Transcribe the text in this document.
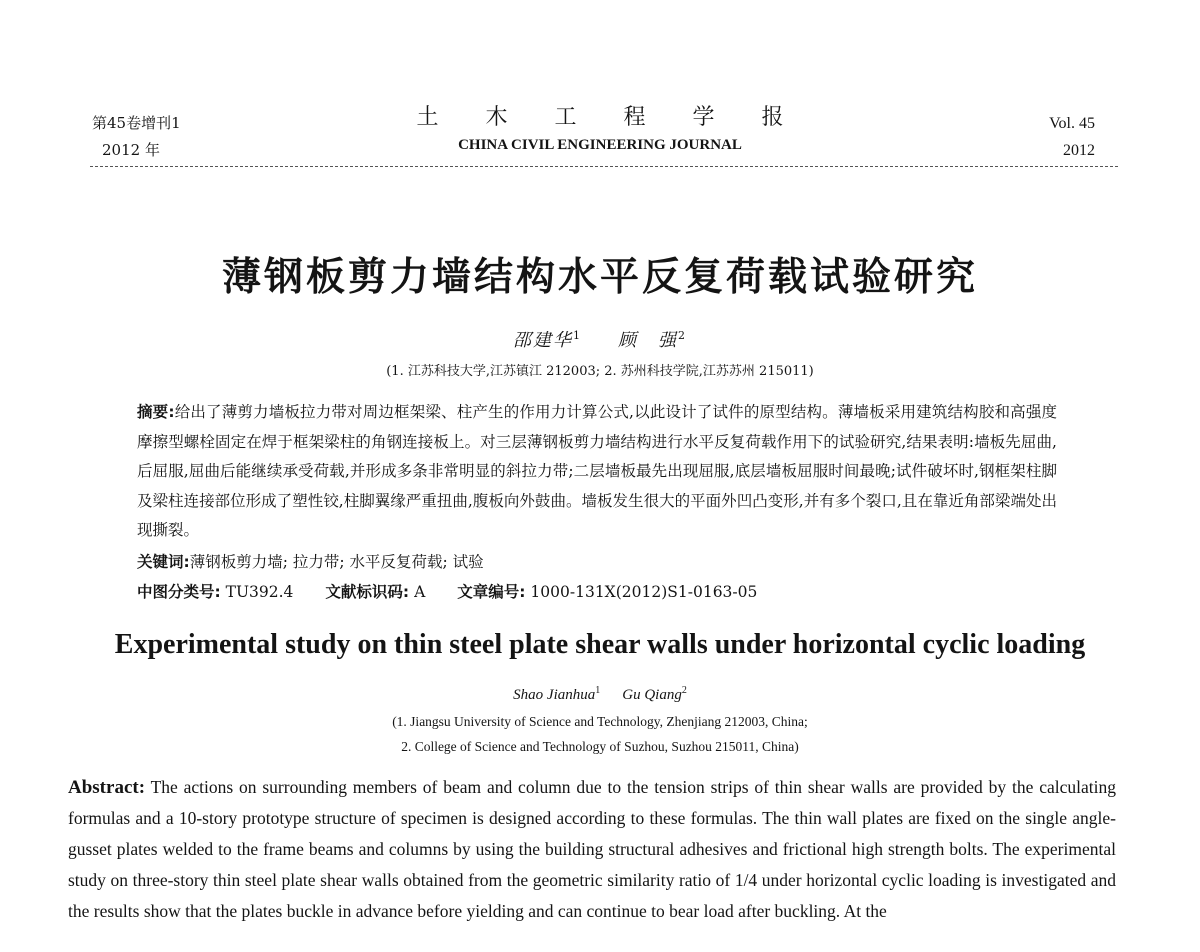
第45卷增刊1
2012 年
土 木 工 程 学 报
CHINA CIVIL ENGINEERING JOURNAL
Vol. 45
2012
薄钢板剪力墙结构水平反复荷载试验研究
邵建华$^1$ 顾　强$^2$
(1. 江苏科技大学,江苏镇江 212003; 2. 苏州科技学院,江苏苏州 215011)
摘要:给出了薄剪力墙板拉力带对周边框架梁、柱产生的作用力计算公式,以此设计了试件的原型结构。薄墙板采用建筑结构胶和高强度摩擦型螺栓固定在焊于框架梁柱的角钢连接板上。对三层薄钢板剪力墙结构进行水平反复荷载作用下的试验研究,结果表明:墙板先屈曲,后屈服,屈曲后能继续承受荷载,并形成多条非常明显的斜拉力带;二层墙板最先出现屈服,底层墙板屈服时间最晚;试件破坏时,钢框架柱脚及梁柱连接部位形成了塑性铰,柱脚翼缘严重扭曲,腹板向外鼓曲。墙板发生很大的平面外凹凸变形,并有多个裂口,且在靠近角部梁端处出现撕裂。
关键词:薄钢板剪力墙; 拉力带; 水平反复荷载; 试验
中图分类号: TU392.4 文献标识码: A 文章编号: 1000-131X(2012)S1-0163-05
Experimental study on thin steel plate shear walls under horizontal cyclic loading
Shao Jianhua$^1$ Gu Qiang$^2$
(1. Jiangsu University of Science and Technology, Zhenjiang 212003, China;
2. College of Science and Technology of Suzhou, Suzhou 215011, China)
Abstract: The actions on surrounding members of beam and column due to the tension strips of thin shear walls are provided by the calculating formulas and a 10-story prototype structure of specimen is designed according to these formulas. The thin wall plates are fixed on the single angle-gusset plates welded to the frame beams and columns by using the building structural adhesives and frictional high strength bolts. The experimental study on three-story thin steel plate shear walls obtained from the geometric similarity ratio of 1/4 under horizontal cyclic loading is investigated and the results show that the plates buckle in advance before yielding and can continue to bear load after buckling. At the
